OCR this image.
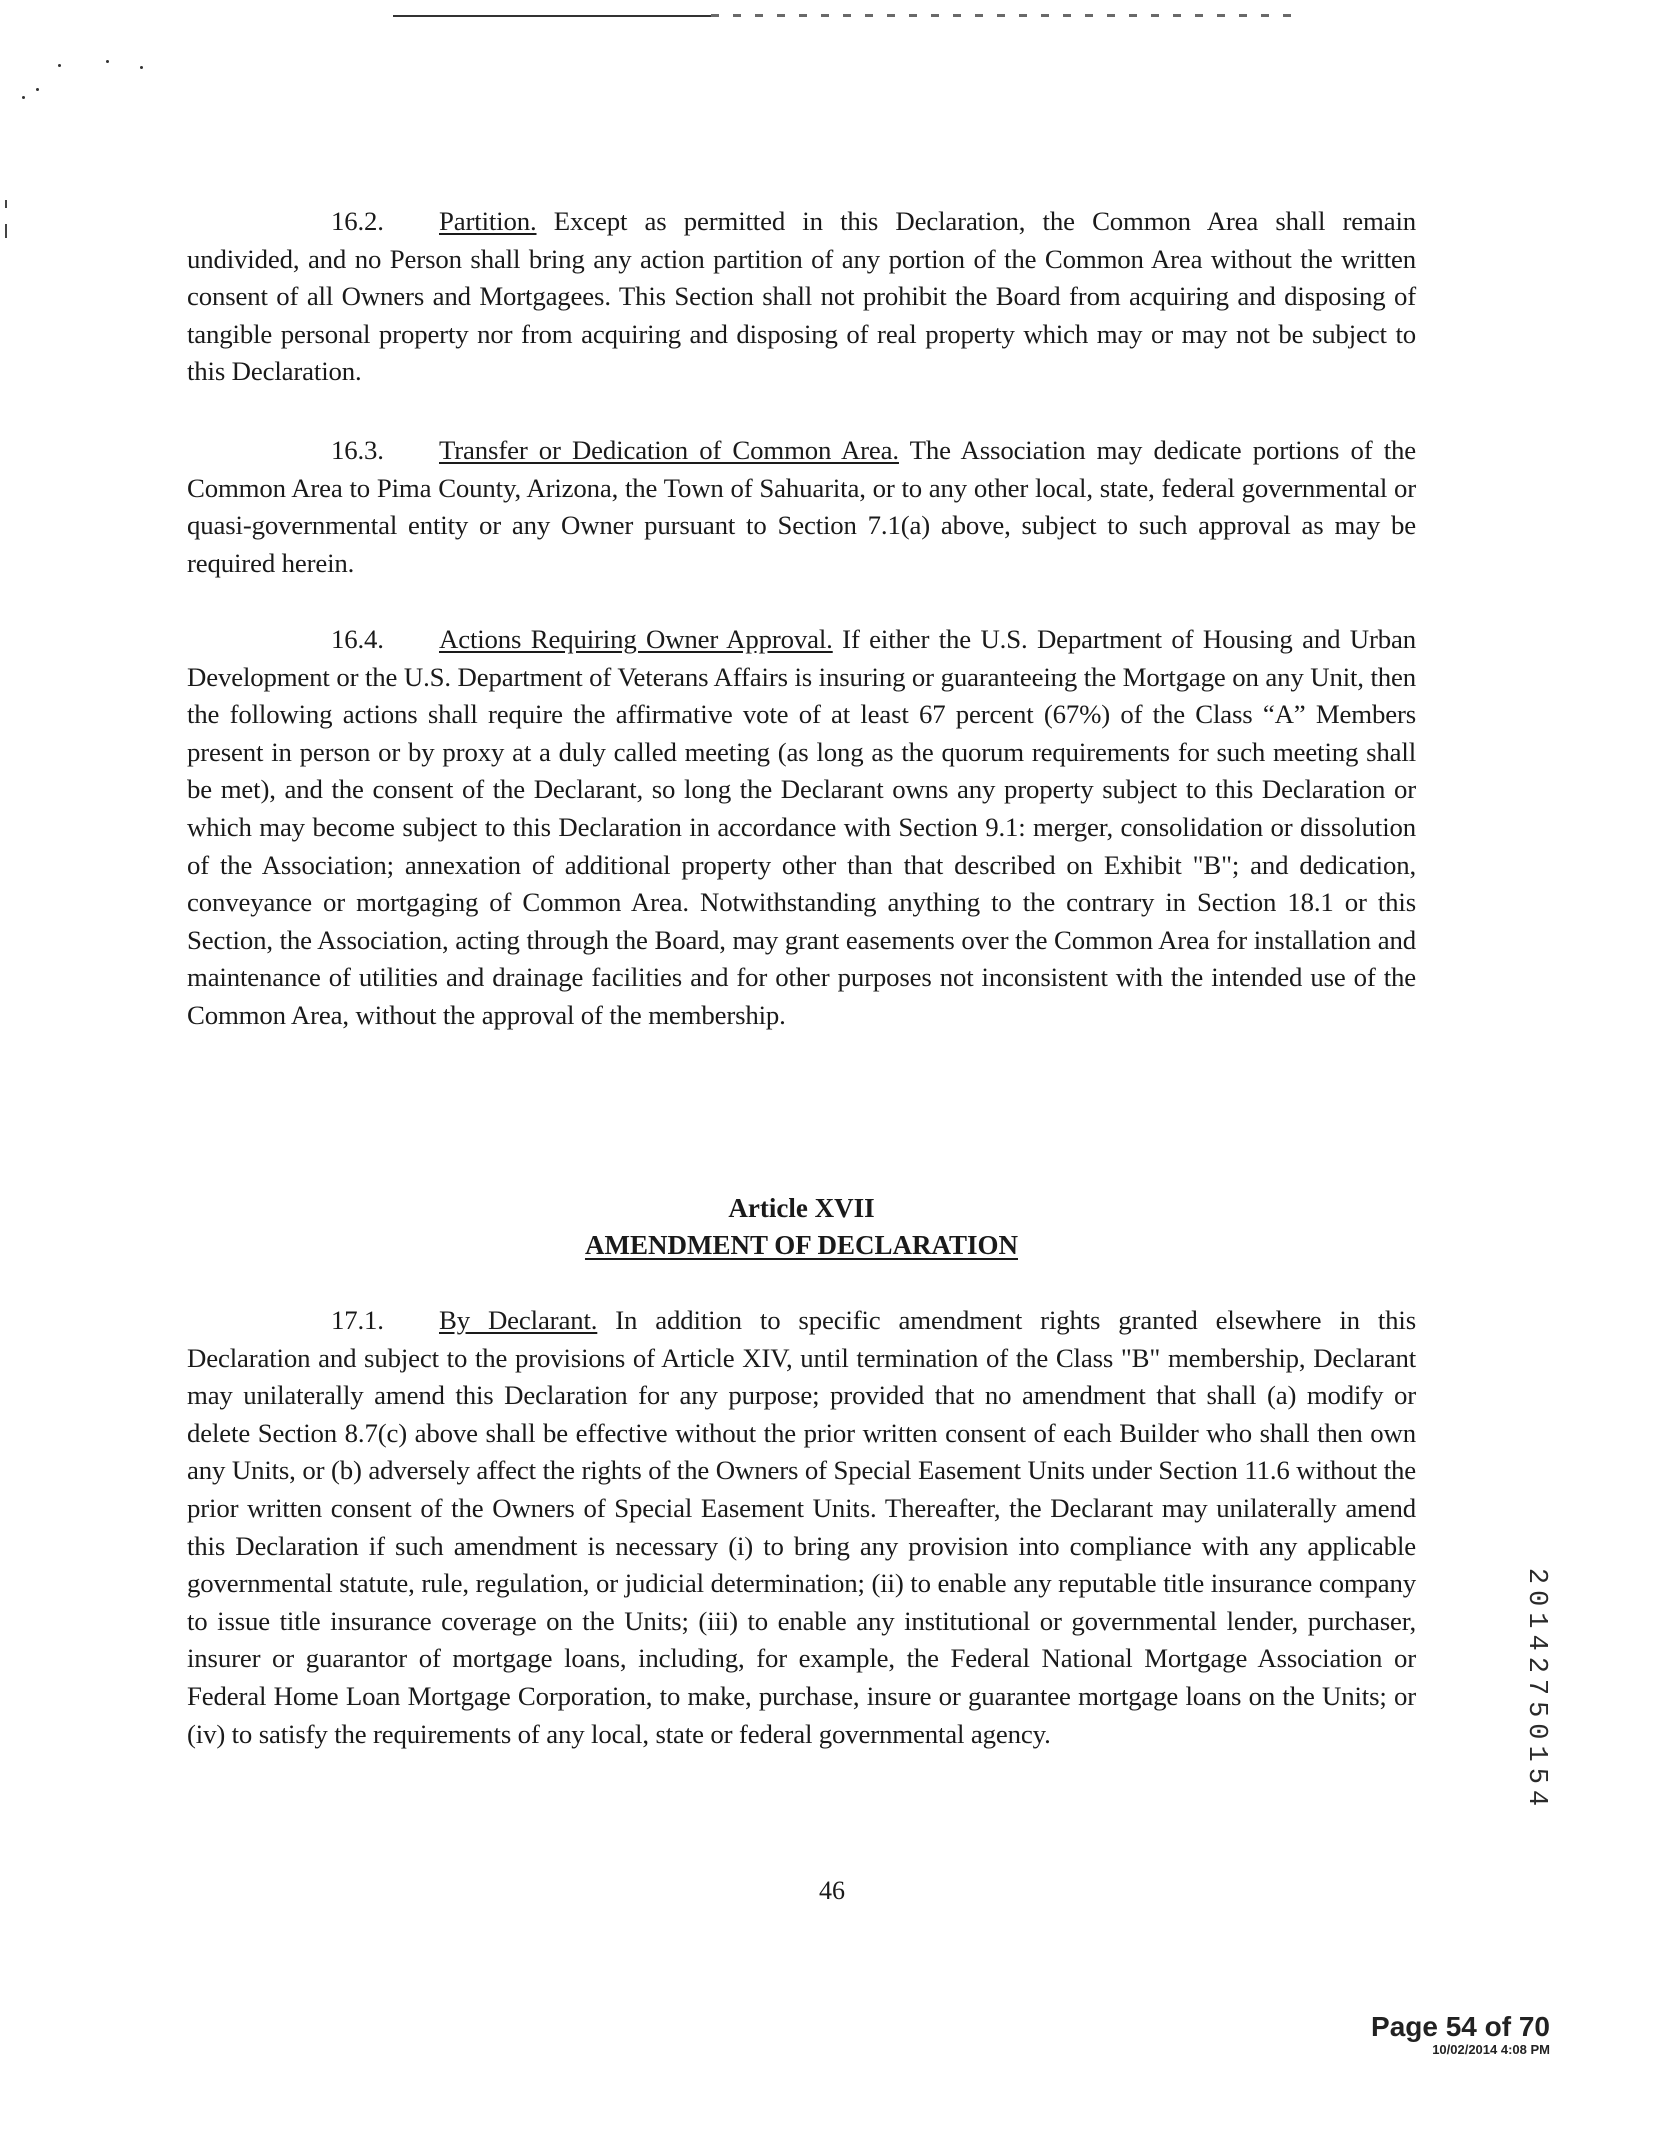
16.2. Partition. Except as permitted in this Declaration, the Common Area shall remain undivided, and no Person shall bring any action partition of any portion of the Common Area without the written consent of all Owners and Mortgagees. This Section shall not prohibit the Board from acquiring and disposing of tangible personal property nor from acquiring and disposing of real property which may or may not be subject to this Declaration.

16.3. Transfer or Dedication of Common Area. The Association may dedicate portions of the Common Area to Pima County, Arizona, the Town of Sahuarita, or to any other local, state, federal governmental or quasi-governmental entity or any Owner pursuant to Section 7.1(a) above, subject to such approval as may be required herein.

16.4. Actions Requiring Owner Approval. If either the U.S. Department of Housing and Urban Development or the U.S. Department of Veterans Affairs is insuring or guaranteeing the Mortgage on any Unit, then the following actions shall require the affirmative vote of at least 67 percent (67%) of the Class “A” Members present in person or by proxy at a duly called meeting (as long as the quorum requirements for such meeting shall be met), and the consent of the Declarant, so long the Declarant owns any property subject to this Declaration or which may become subject to this Declaration in accordance with Section 9.1: merger, consolidation or dissolution of the Association; annexation of additional property other than that described on Exhibit "B"; and dedication, conveyance or mortgaging of Common Area. Notwithstanding anything to the contrary in Section 18.1 or this Section, the Association, acting through the Board, may grant easements over the Common Area for installation and maintenance of utilities and drainage facilities and for other purposes not inconsistent with the intended use of the Common Area, without the approval of the membership.

Article XVII
AMENDMENT OF DECLARATION

17.1. By Declarant. In addition to specific amendment rights granted elsewhere in this Declaration and subject to the provisions of Article XIV, until termination of the Class "B" membership, Declarant may unilaterally amend this Declaration for any purpose; provided that no amendment that shall (a) modify or delete Section 8.7(c) above shall be effective without the prior written consent of each Builder who shall then own any Units, or (b) adversely affect the rights of the Owners of Special Easement Units under Section 11.6 without the prior written consent of the Owners of Special Easement Units. Thereafter, the Declarant may unilaterally amend this Declaration if such amendment is necessary (i) to bring any provision into compliance with any applicable governmental statute, rule, regulation, or judicial determination; (ii) to enable any reputable title insurance company to issue title insurance coverage on the Units; (iii) to enable any institutional or governmental lender, purchaser, insurer or guarantor of mortgage loans, including, for example, the Federal National Mortgage Association or Federal Home Loan Mortgage Corporation, to make, purchase, insure or guarantee mortgage loans on the Units; or (iv) to satisfy the requirements of any local, state or federal governmental agency.

46
20142750154
Page 54 of 70
10/02/2014 4:08 PM
